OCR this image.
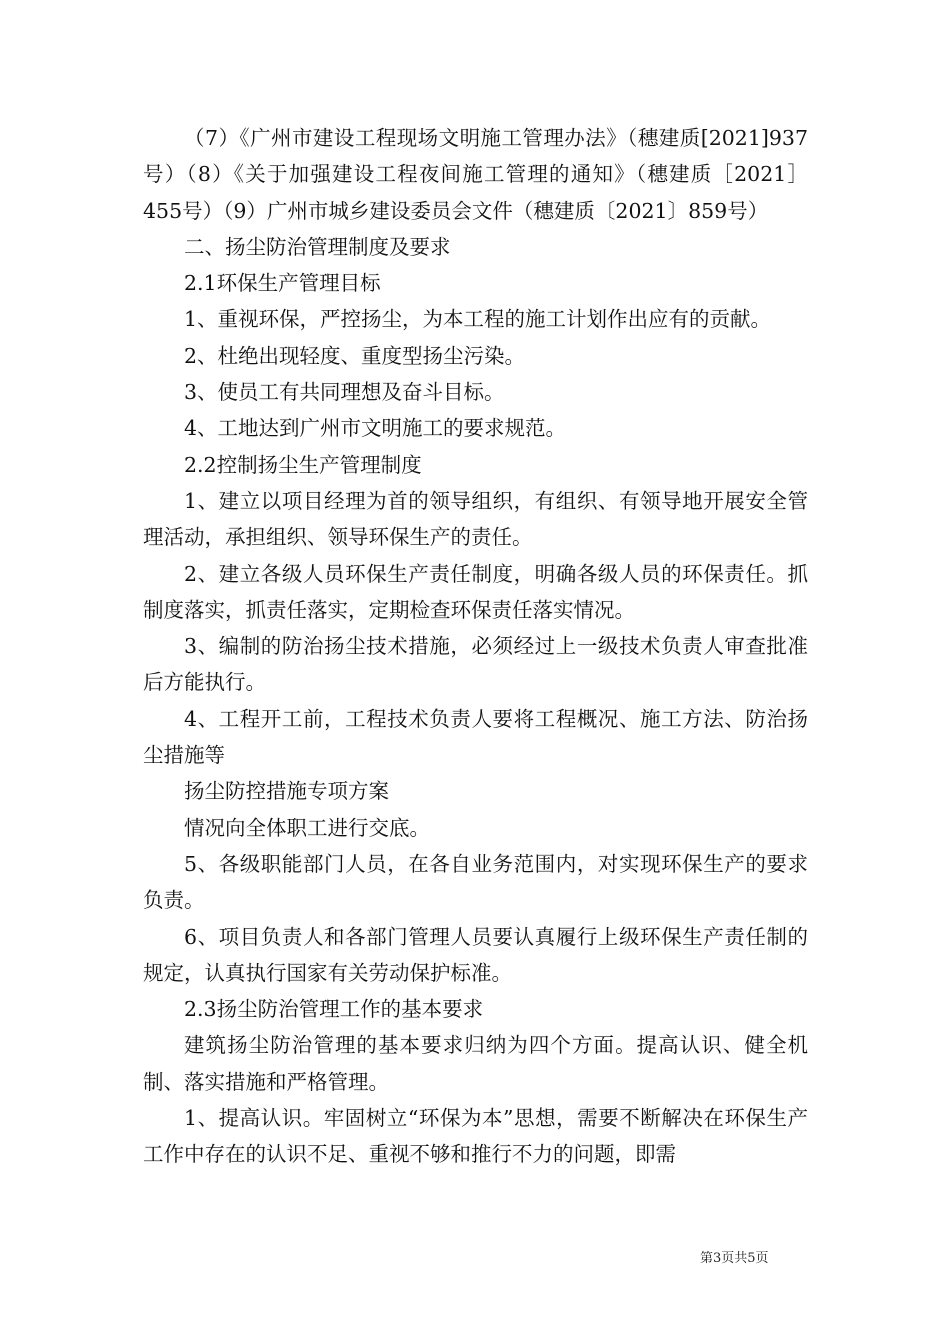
（7）《广州市建设工程现场文明施工管理办法》（穗建质[2021]937号）（8）《关于加强建设工程夜间施工管理的通知》（穗建质［2021］455号）（9）广州市城乡建设委员会文件（穗建质〔2021〕859号）

二、扬尘防治管理制度及要求

2.1环保生产管理目标

1、重视环保，严控扬尘，为本工程的施工计划作出应有的贡献。

2、杜绝出现轻度、重度型扬尘污染。

3、使员工有共同理想及奋斗目标。

4、工地达到广州市文明施工的要求规范。

2.2控制扬尘生产管理制度

1、建立以项目经理为首的领导组织，有组织、有领导地开展安全管理活动，承担组织、领导环保生产的责任。

2、建立各级人员环保生产责任制度，明确各级人员的环保责任。抓制度落实，抓责任落实，定期检查环保责任落实情况。

3、编制的防治扬尘技术措施，必须经过上一级技术负责人审查批准后方能执行。

4、工程开工前，工程技术负责人要将工程概况、施工方法、防治扬尘措施等

扬尘防控措施专项方案

情况向全体职工进行交底。

5、各级职能部门人员，在各自业务范围内，对实现环保生产的要求负责。

6、项目负责人和各部门管理人员要认真履行上级环保生产责任制的规定，认真执行国家有关劳动保护标准。

2.3扬尘防治管理工作的基本要求

建筑扬尘防治管理的基本要求归纳为四个方面。提高认识、健全机制、落实措施和严格管理。

1、提高认识。牢固树立“环保为本”思想，需要不断解决在环保生产工作中存在的认识不足、重视不够和推行不力的问题，即需

第3页共5页
